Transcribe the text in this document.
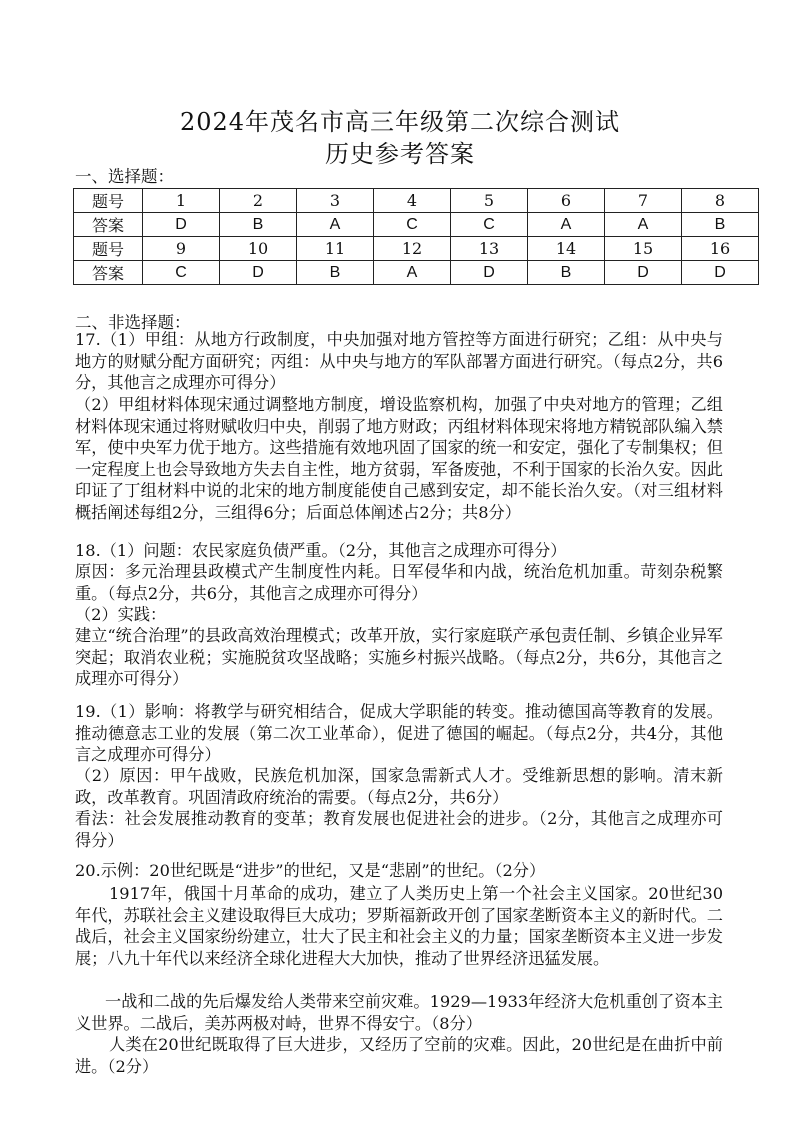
2024年茂名市高三年级第二次综合测试
历史参考答案
一、选择题：
题号	1	2	3	4	5	6	7	8
答案	D	B	A	C	C	A	A	B
题号	9	10	11	12	13	14	15	16
答案	C	D	B	A	D	B	D	D
二、非选择题：

17.（1）甲组：从地方行政制度，中央加强对地方管控等方面进行研究；乙组：从中央与地方的财赋分配方面研究；丙组：从中央与地方的军队部署方面进行研究。（每点2分，共6分，其他言之成理亦可得分）

（2）甲组材料体现宋通过调整地方制度，增设监察机构，加强了中央对地方的管理；乙组材料体现宋通过将财赋收归中央，削弱了地方财政；丙组材料体现宋将地方精锐部队编入禁军，使中央军力优于地方。这些措施有效地巩固了国家的统一和安定，强化了专制集权；但一定程度上也会导致地方失去自主性，地方贫弱，军备废弛，不利于国家的长治久安。因此印证了丁组材料中说的北宋的地方制度能使自己感到安定，却不能长治久安。（对三组材料概括阐述每组2分，三组得6分；后面总体阐述占2分；共8分）

18.（1）问题：农民家庭负债严重。（2分，其他言之成理亦可得分）

原因：多元治理县政模式产生制度性内耗。日军侵华和内战，统治危机加重。苛刻杂税繁重。（每点2分，共6分，其他言之成理亦可得分）

（2）实践：

建立“统合治理”的县政高效治理模式；改革开放，实行家庭联产承包责任制、乡镇企业异军突起；取消农业税；实施脱贫攻坚战略；实施乡村振兴战略。（每点2分，共6分，其他言之成理亦可得分）

19.（1）影响：将教学与研究相结合，促成大学职能的转变。推动德国高等教育的发展。推动德意志工业的发展（第二次工业革命），促进了德国的崛起。（每点2分，共4分，其他言之成理亦可得分）

（2）原因：甲午战败，民族危机加深，国家急需新式人才。受维新思想的影响。清末新政，改革教育。巩固清政府统治的需要。（每点2分，共6分）

看法：社会发展推动教育的变革；教育发展也促进社会的进步。（2分，其他言之成理亦可得分）

20.示例：20世纪既是“进步”的世纪，又是“悲剧”的世纪。（2分）

1917年，俄国十月革命的成功，建立了人类历史上第一个社会主义国家。20世纪30年代，苏联社会主义建设取得巨大成功；罗斯福新政开创了国家垄断资本主义的新时代。二战后，社会主义国家纷纷建立，壮大了民主和社会主义的力量；国家垄断资本主义进一步发展；八九十年代以来经济全球化进程大大加快，推动了世界经济迅猛发展。

一战和二战的先后爆发给人类带来空前灾难。1929—1933年经济大危机重创了资本主义世界。二战后，美苏两极对峙，世界不得安宁。（8分）

人类在20世纪既取得了巨大进步，又经历了空前的灾难。因此，20世纪是在曲折中前进。（2分）
